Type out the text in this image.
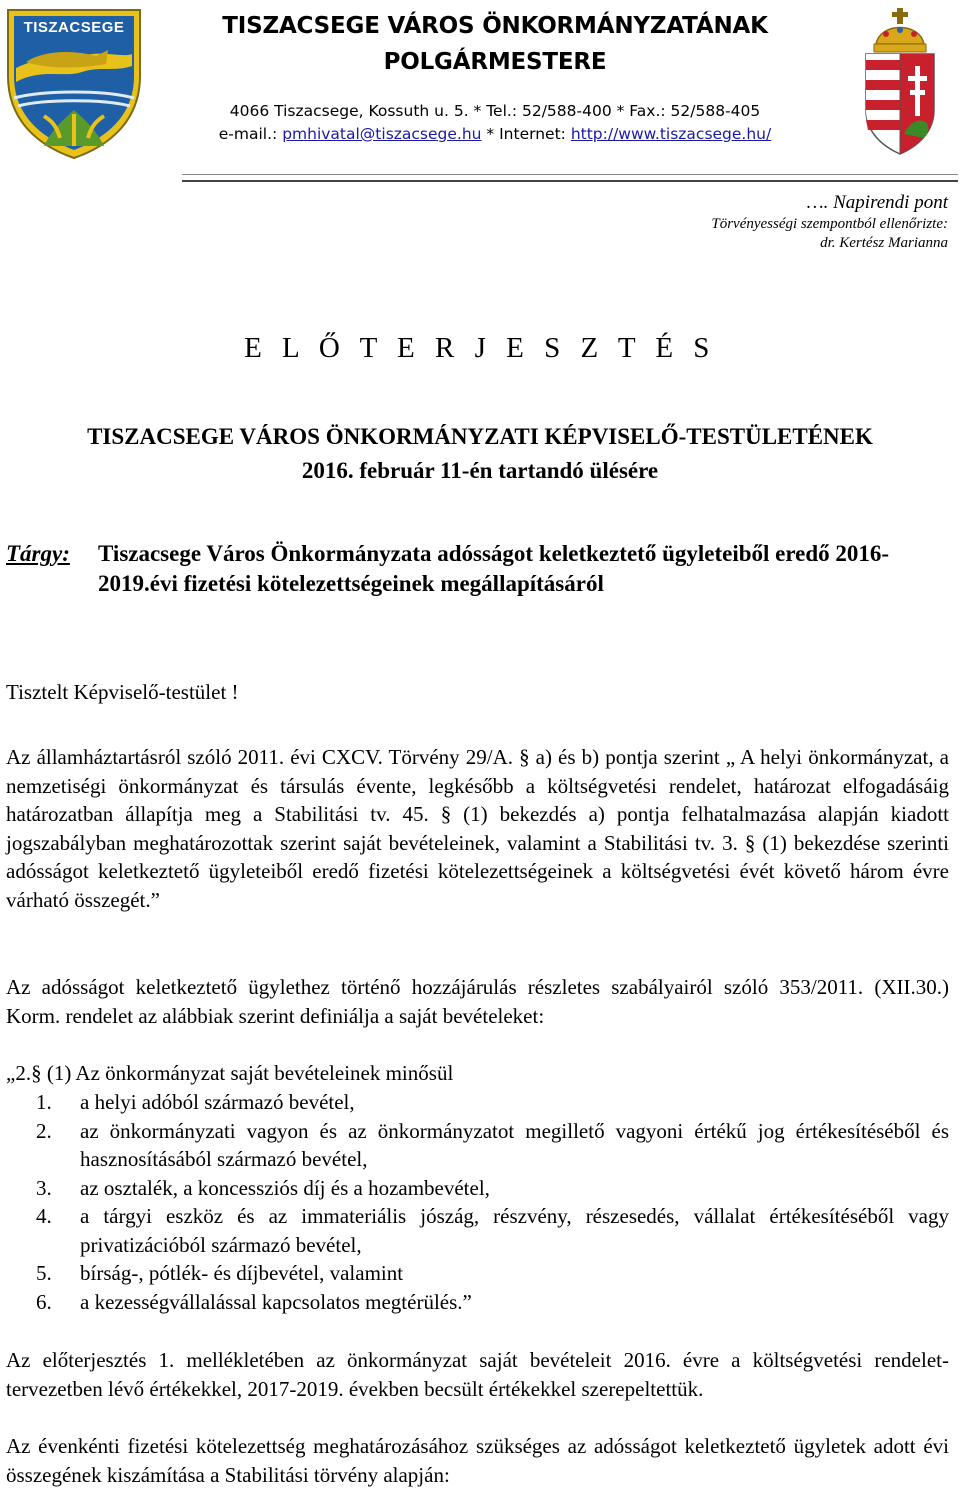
TISZACSEGE	TISZACSEGE VÁROS ÖNKORMÁNYZATÁNAK
POLGÁRMESTERE
4066 Tiszacsege, Kossuth u. 5. * Tel.: 52/588-400 * Fax.: 52/588-405
e-mail.: pmhivatal@tiszacsege.hu * Internet: http://www.tiszacsege.hu/
…. Napirendi pont
Törvényességi szempontból ellenőrizte:
dr. Kertész Marianna
E L Ő T E R J E S Z T É S
TISZACSEGE VÁROS ÖNKORMÁNYZATI KÉPVISELŐ-TESTÜLETÉNEK
2016. február 11-én tartandó ülésére
Tárgy: Tiszacsege Város Önkormányzata adósságot keletkeztető ügyleteiből eredő 2016-2019.évi fizetési kötelezettségeinek megállapításáról

Tisztelt Képviselő-testület !

Az államháztartásról szóló 2011. évi CXCV. Törvény 29/A. § a) és b) pontja szerint „ A helyi önkormányzat, a nemzetiségi önkormányzat és társulás évente, legkésőbb a költségvetési rendelet, határozat elfogadásáig határozatban állapítja meg a Stabilitási tv. 45. § (1) bekezdés a) pontja felhatalmazása alapján kiadott jogszabályban meghatározottak szerint saját bevételeinek, valamint a Stabilitási tv. 3. § (1) bekezdése szerinti adósságot keletkeztető ügyleteiből eredő fizetési kötelezettségeinek a költségvetési évét követő három évre várható összegét.”

Az adósságot keletkeztető ügylethez történő hozzájárulás részletes szabályairól szóló 353/2011. (XII.30.) Korm. rendelet az alábbiak szerint definiálja a saját bevételeket:

„2.§ (1) Az önkormányzat saját bevételeinek minősül
1.	a helyi adóból származó bevétel,
2.	az önkormányzati vagyon és az önkormányzatot megillető vagyoni értékű jog értékesítéséből és hasznosításából származó bevétel,
3.	az osztalék, a koncessziós díj és a hozambevétel,
4.	a tárgyi eszköz és az immateriális jószág, részvény, részesedés, vállalat értékesítéséből vagy privatizációból származó bevétel,
5.	bírság-, pótlék- és díjbevétel, valamint
6.	a kezességvállalással kapcsolatos megtérülés.”

Az előterjesztés 1. mellékletében az önkormányzat saját bevételeit 2016. évre a költségvetési rendelet-tervezetben lévő értékekkel, 2017-2019. években becsült értékekkel szerepeltettük.

Az évenkénti fizetési kötelezettség meghatározásához szükséges az adósságot keletkeztető ügyletek adott évi összegének kiszámítása a Stabilitási törvény alapján:
